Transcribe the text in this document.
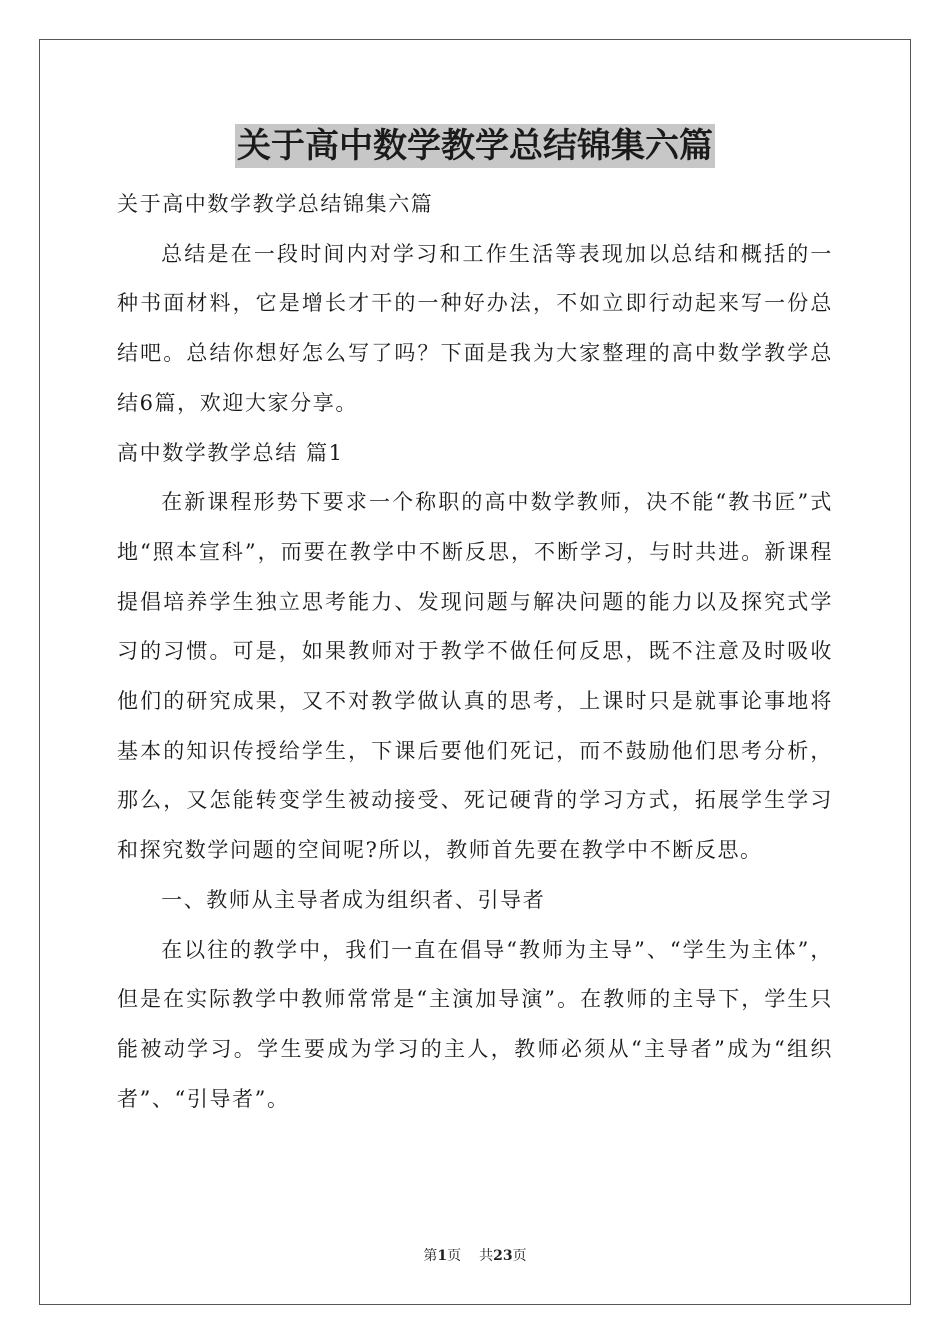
关于高中数学教学总结锦集六篇

关于高中数学教学总结锦集六篇

总结是在一段时间内对学习和工作生活等表现加以总结和概括的一种书面材料，它是增长才干的一种好办法，不如立即行动起来写一份总结吧。总结你想好怎么写了吗？下面是我为大家整理的高中数学教学总结6篇，欢迎大家分享。

高中数学教学总结 篇1

在新课程形势下要求一个称职的高中数学教师，决不能“教书匠”式地“照本宣科”，而要在教学中不断反思，不断学习，与时共进。新课程提倡培养学生独立思考能力、发现问题与解决问题的能力以及探究式学习的习惯。可是，如果教师对于教学不做任何反思，既不注意及时吸收他们的研究成果，又不对教学做认真的思考，上课时只是就事论事地将基本的知识传授给学生，下课后要他们死记，而不鼓励他们思考分析，那么，又怎能转变学生被动接受、死记硬背的学习方式，拓展学生学习和探究数学问题的空间呢?所以，教师首先要在教学中不断反思。

一、教师从主导者成为组织者、引导者

在以往的教学中，我们一直在倡导“教师为主导”、“学生为主体”，但是在实际教学中教师常常是“主演加导演”。在教师的主导下，学生只能被动学习。学生要成为学习的主人，教师必须从“主导者”成为“组织者”、“引导者”。

第1页 共23页
